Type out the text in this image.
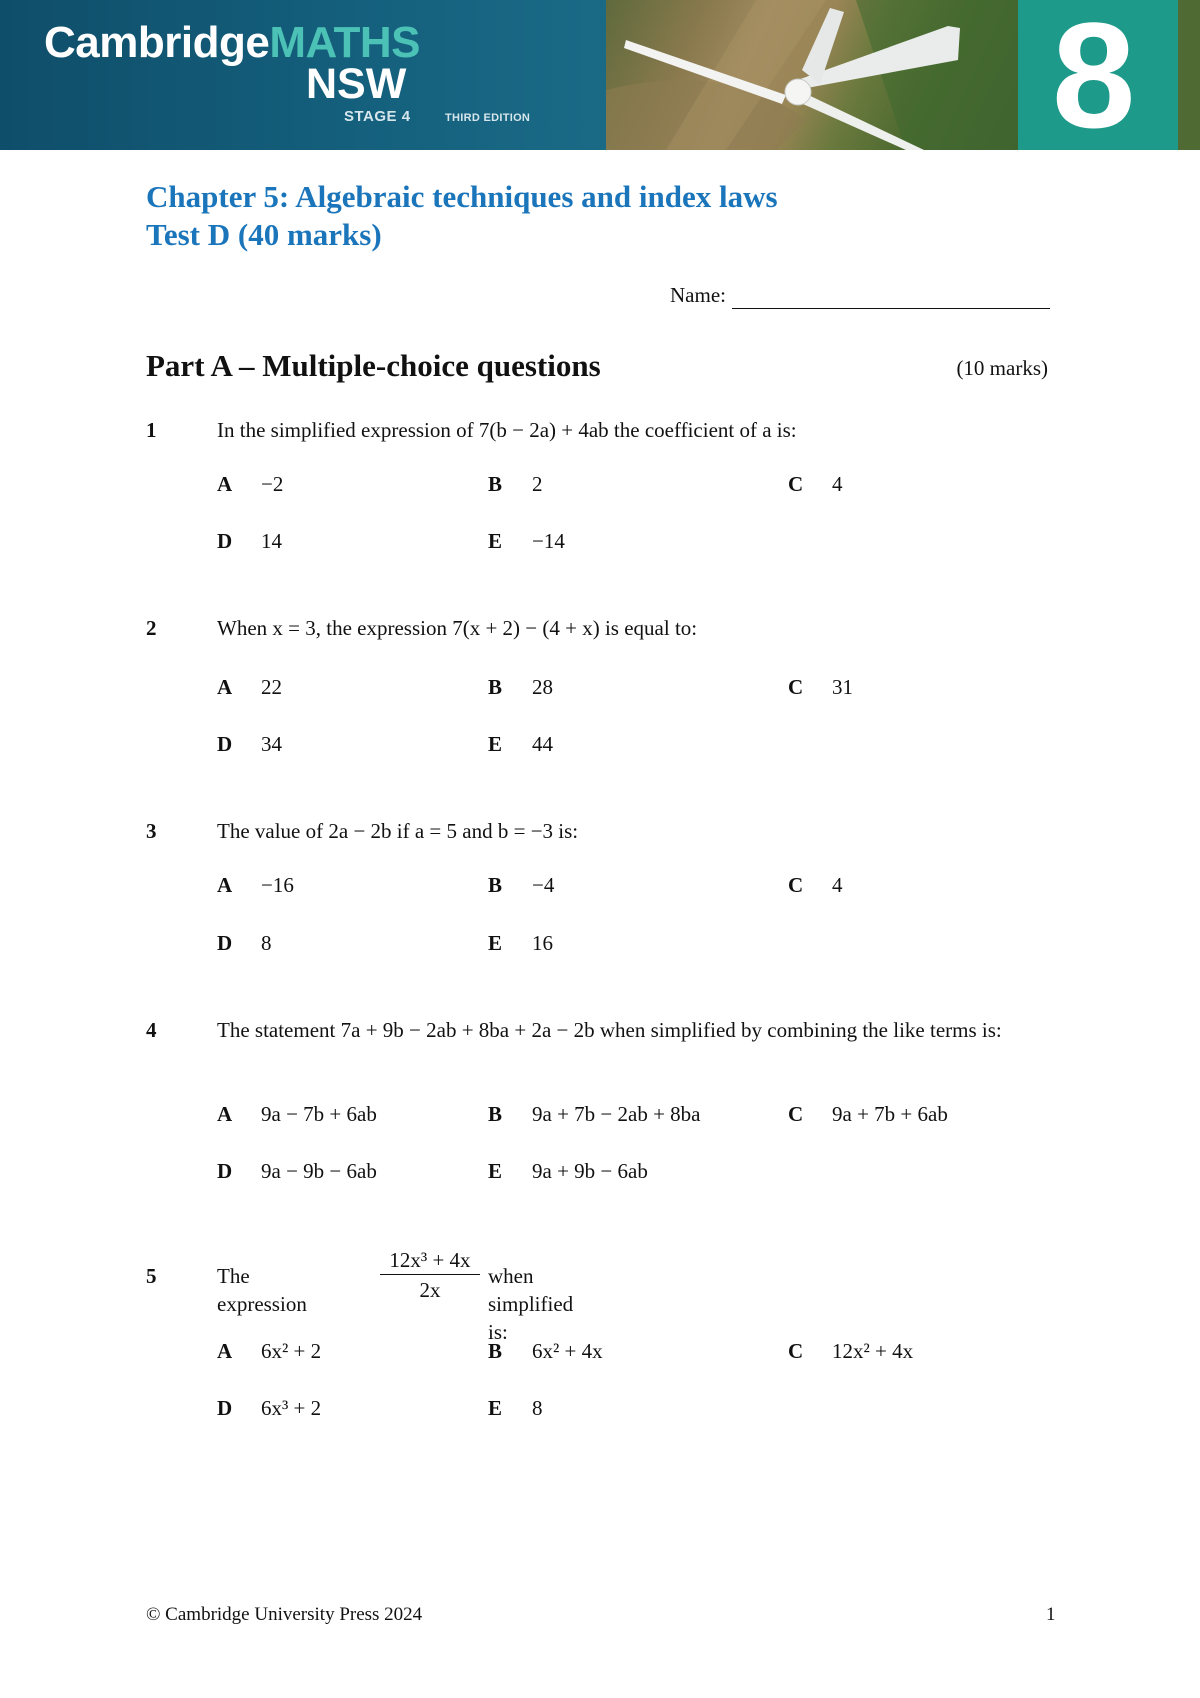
CambridgeMATHS
NSW
STAGE 4	THIRD EDITION	8
Chapter 5: Algebraic techniques and index laws
Test D (40 marks)
Name:
Part A – Multiple-choice questions	(10 marks)
1	In the simplified expression of 7(b − 2a) + 4ab the coefficient of a is:
A −2	B 2	C 4
D 14	E −14
2	When x = 3, the expression 7(x + 2) − (4 + x) is equal to:
A 22	B 28	C 31
D 34	E 44
3	The value of 2a − 2b if a = 5 and b = −3 is:
A −16	B −4	C 4
D 8	E 16
4	The statement 7a + 9b − 2ab + 8ba + 2a − 2b when simplified by combining the like terms is:
A 9a − 7b + 6ab	B 9a + 7b − 2ab + 8ba	C 9a + 7b + 6ab
D 9a − 9b − 6ab	E 9a + 9b − 6ab
5	The expression
$\frac{\text{12x³ + 4x}}{2x}$ when simplified is:
A 6x² + 2	B 6x² + 4x	C 12x² + 4x
D 6x³ + 2	E 8
© Cambridge University Press 2024	1
